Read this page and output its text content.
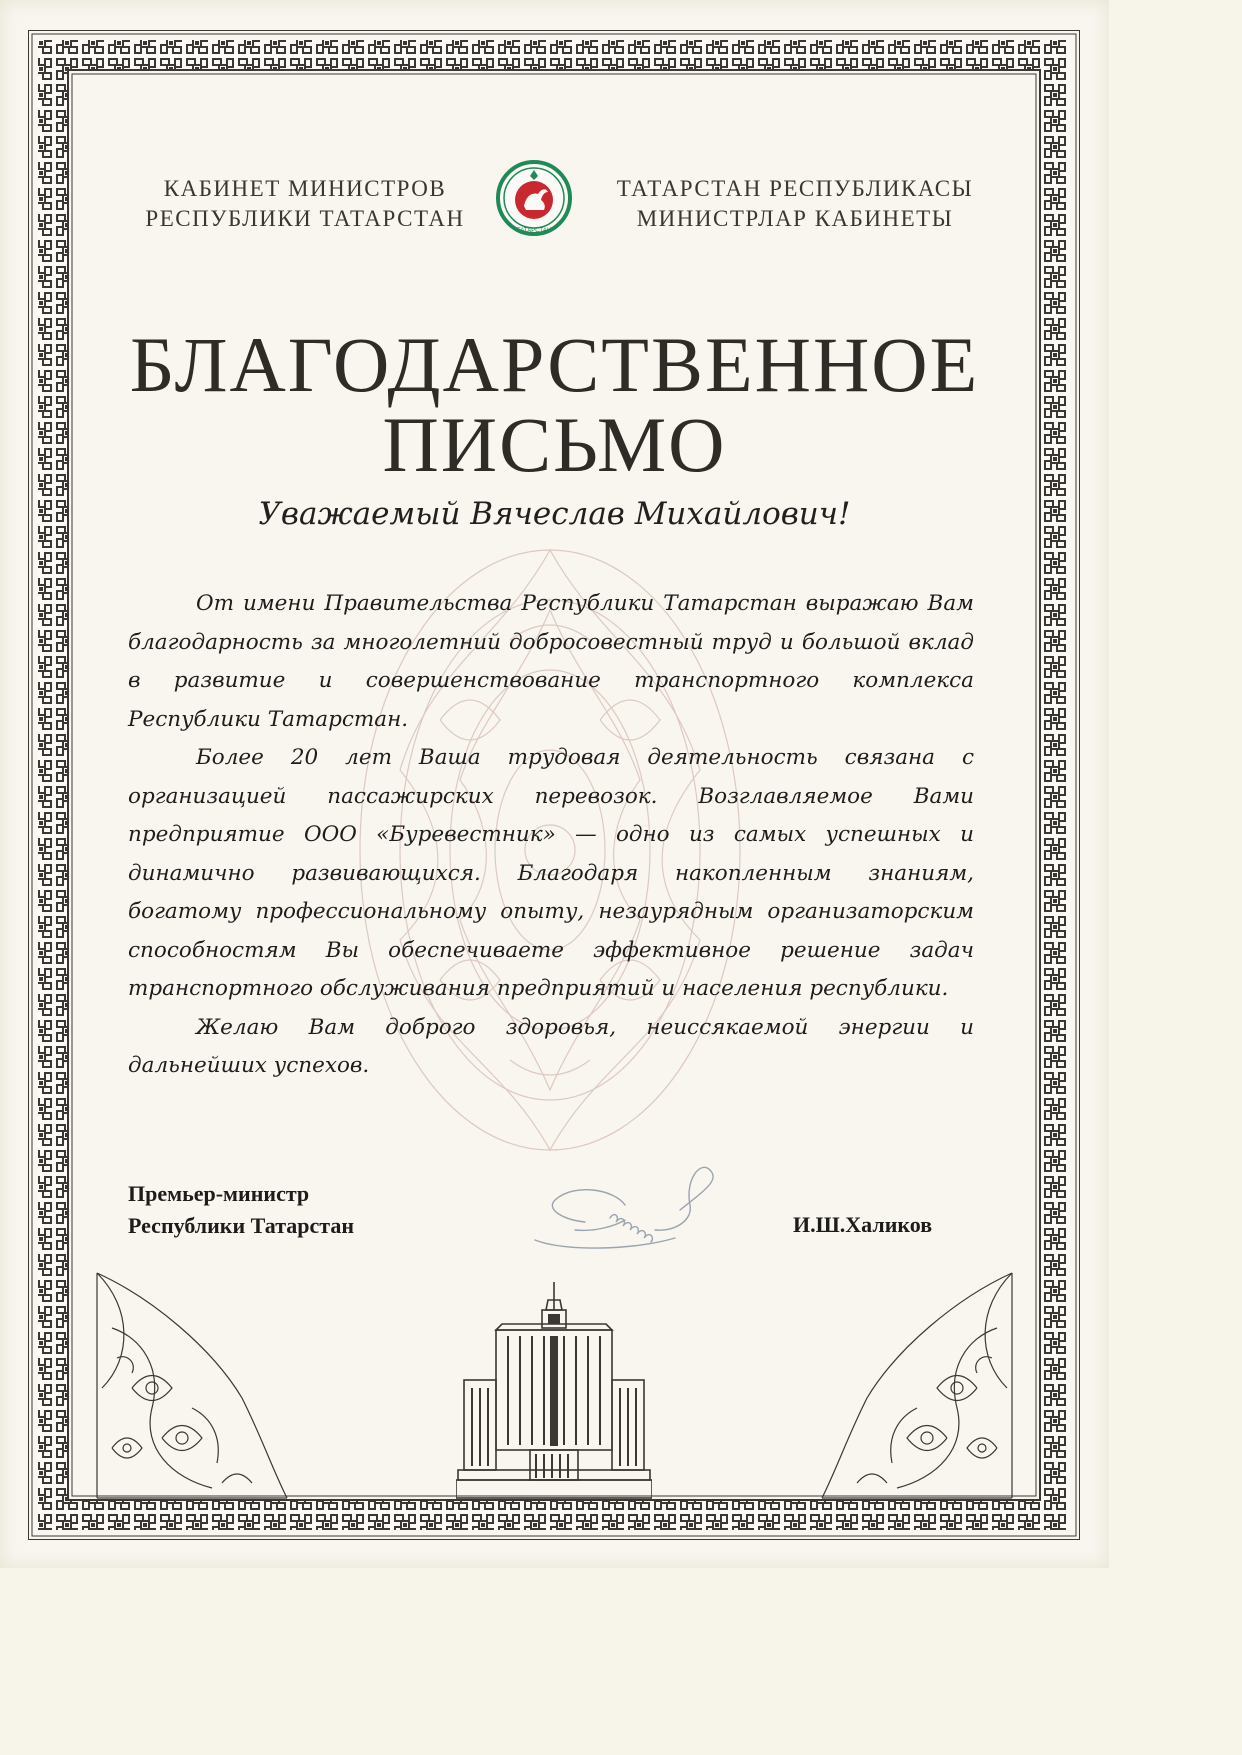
КАБИНЕТ МИНИСТРОВ
РЕСПУБЛИКИ ТАТАРСТАН	ТАТАРСТАН
ТАТАРСТАН РЕСПУБЛИКАСЫ
МИНИСТРЛАР КАБИНЕТЫ
БЛАГОДАРСТВЕННОЕ
ПИСЬМО
Уважаемый Вячеслав Михайлович!

От имени Правительства Республики Татарстан выражаю Вам благодарность за многолетний добросовестный труд и большой вклад в развитие и совершенствование транспортного комплекса Республики Татарстан.

Более 20 лет Ваша трудовая деятельность связана с организацией пассажирских перевозок. Возглавляемое Вами предприятие ООО «Буревестник» — одно из самых успешных и динамично развивающихся. Благодаря накопленным знаниям, богатому профессиональному опыту, незаурядным организаторским способностям Вы обеспечиваете эффективное решение задач транспортного обслуживания предприятий и населения республики.

Желаю Вам доброго здоровья, неиссякаемой энергии и дальнейших успехов.

Премьер-министр
Республики Татарстан	И.Ш.Халиков
